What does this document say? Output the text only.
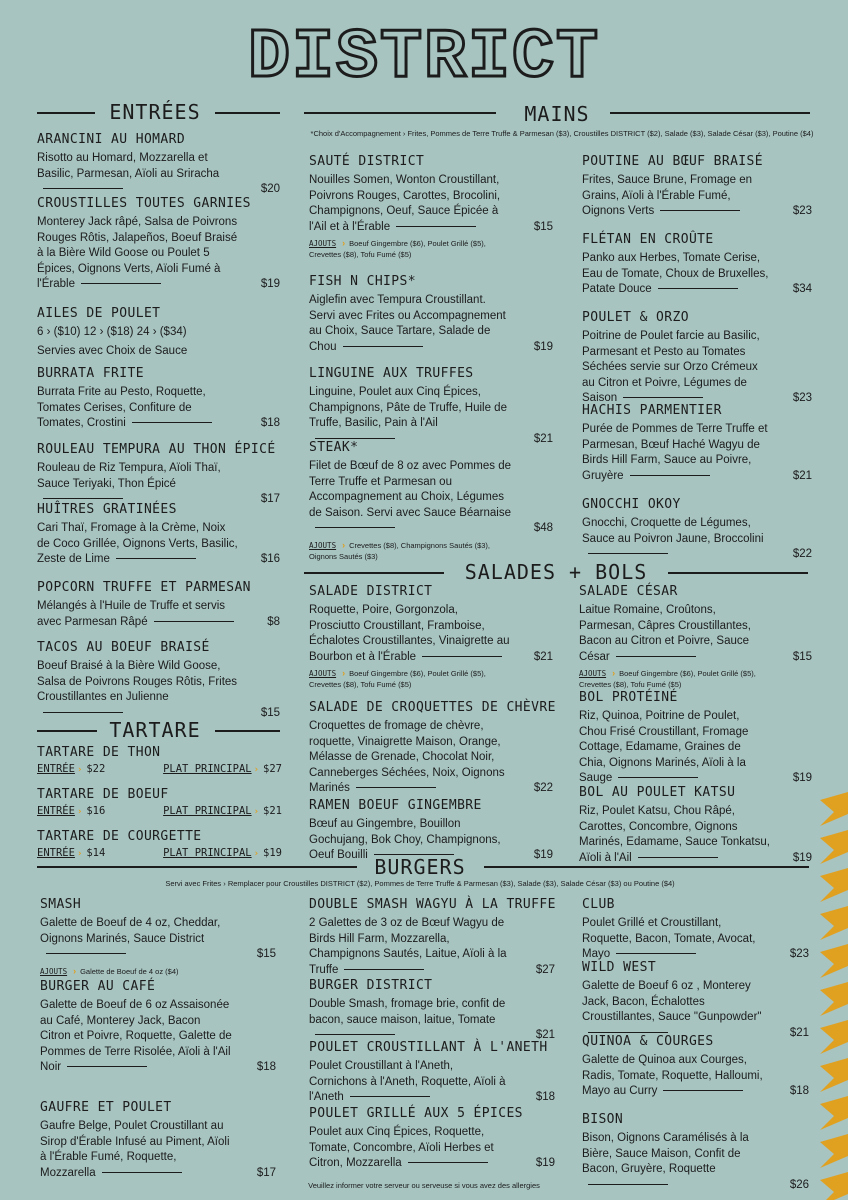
DISTRICT
ENTRÉES	MAINS
*Choix d'Accompagnement › Frites, Pommes de Terre Truffe & Parmesan ($3), Croustilles DISTRICT ($2), Salade ($3), Salade César ($3), Poutine ($4)
TARTARE
SALADES + BOLS
BURGERS
Servi avec Frites › Remplacer pour Croustilles DISTRICT ($2), Pommes de Terre Truffe & Parmesan ($3), Salade ($3), Salade César ($3) ou Poutine ($4)
Veuillez informer votre serveur ou serveuse si vous avez des allergies
ARANCINI AU HOMARD
Risotto au Homard, Mozzarella et Basilic, Parmesan, Aïoli au Sriracha
$20
CROUSTILLES TOUTES GARNIES
Monterey Jack râpé, Salsa de Poivrons Rouges Rôtis, Jalapeños, Boeuf Braisé à la Bière Wild Goose ou Poulet 5 Épices, Oignons Verts, Aïoli Fumé à l'Érable	$19
AILES DE POULET
6 › ($10) 12 › ($18) 24 › ($34)
Servies avec Choix de Sauce
BURRATA FRITE
Burrata Frite au Pesto, Roquette, Tomates Cerises, Confiture de Tomates, Crostini	$18
ROULEAU TEMPURA AU THON ÉPICÉ
Rouleau de Riz Tempura, Aïoli Thaï, Sauce Teriyaki, Thon Épicé
$17
HUÎTRES GRATINÉES
Cari Thaï, Fromage à la Crème, Noix de Coco Grillée, Oignons Verts, Basilic, Zeste de Lime	$16
POPCORN TRUFFE ET PARMESAN
Mélangés à l'Huile de Truffe et servis avec Parmesan Râpé	$8
TACOS AU BOEUF BRAISÉ
Boeuf Braisé à la Bière Wild Goose, Salsa de Poivrons Rouges Rôtis, Frites Croustillantes en Julienne
$15
SAUTÉ DISTRICT
Nouilles Somen, Wonton Croustillant, Poivrons Rouges, Carottes, Brocolini, Champignons, Oeuf, Sauce Épicée à l'Ail et à l'Érable	$15
AJOUTS › Boeuf Gingembre ($6), Poulet Grillé ($5), Crevettes ($8), Tofu Fumé ($5)
FISH N CHIPS*
Aiglefin avec Tempura Croustillant. Servi avec Frites ou Accompagnement au Choix, Sauce Tartare, Salade de Chou	$19
LINGUINE AUX TRUFFES
Linguine, Poulet aux Cinq Épices, Champignons, Pâte de Truffe, Huile de Truffe, Basilic, Pain à l'Ail
$21
STEAK*
Filet de Bœuf de 8 oz avec Pommes de Terre Truffe et Parmesan ou Accompagnement au Choix, Légumes de Saison. Servi avec Sauce Béarnaise
$48
AJOUTS › Crevettes ($8), Champignons Sautés ($3), Oignons Sautés ($3)
POUTINE AU BŒUF BRAISÉ
Frites, Sauce Brune, Fromage en Grains, Aïoli à l'Érable Fumé, Oignons Verts	$23
FLÉTAN EN CROÛTE
Panko aux Herbes, Tomate Cerise, Eau de Tomate, Choux de Bruxelles, Patate Douce	$34
POULET & ORZO
Poitrine de Poulet farcie au Basilic, Parmesant et Pesto au Tomates Séchées servie sur Orzo Crémeux au Citron et Poivre, Légumes de Saison	$23
HACHIS PARMENTIER
Purée de Pommes de Terre Truffe et Parmesan, Bœuf Haché Wagyu de Birds Hill Farm, Sauce au Poivre, Gruyère	$21
GNOCCHI OKOY
Gnocchi, Croquette de Légumes, Sauce au Poivron Jaune, Broccolini
$22
SALADE DISTRICT
Roquette, Poire, Gorgonzola, Prosciutto Croustillant, Framboise, Échalotes Croustillantes, Vinaigrette au Bourbon et à l'Érable	$21
AJOUTS › Boeuf Gingembre ($6), Poulet Grillé ($5), Crevettes ($8), Tofu Fumé ($5)
SALADE DE CROQUETTES DE CHÈVRE
Croquettes de fromage de chèvre, roquette, Vinaigrette Maison, Orange, Mélasse de Grenade, Chocolat Noir, Canneberges Séchées, Noix, Oignons Marinés	$22
RAMEN BOEUF GINGEMBRE
Bœuf au Gingembre, Bouillon Gochujang, Bok Choy, Champignons, Oeuf Bouilli	$19
SALADE CÉSAR
Laitue Romaine, Croûtons, Parmesan, Câpres Croustillantes, Bacon au Citron et Poivre, Sauce César	$15
AJOUTS › Boeuf Gingembre ($6), Poulet Grillé ($5), Crevettes ($8), Tofu Fumé ($5)
BOL PROTÉINÉ
Riz, Quinoa, Poitrine de Poulet, Chou Frisé Croustillant, Fromage Cottage, Edamame, Graines de Chia, Oignons Marinés, Aïoli à la Sauge	$19
BOL AU POULET KATSU
Riz, Poulet Katsu, Chou Râpé, Carottes, Concombre, Oignons Marinés, Edamame, Sauce Tonkatsu, Aïoli à l'Ail	$19
SMASH
Galette de Boeuf de 4 oz, Cheddar, Oignons Marinés, Sauce District
$15
AJOUTS › Galette de Boeuf de 4 oz ($4)
BURGER AU CAFÉ
Galette de Boeuf de 6 oz Assaisonée au Café, Monterey Jack, Bacon Citron et Poivre, Roquette, Galette de Pommes de Terre Risolée, Aïoli à l'Ail Noir	$18
GAUFRE ET POULET
Gaufre Belge, Poulet Croustillant au Sirop d'Érable Infusé au Piment, Aïoli à l'Érable Fumé, Roquette, Mozzarella	$17
DOUBLE SMASH WAGYU À LA TRUFFE
2 Galettes de 3 oz de Bœuf Wagyu de Birds Hill Farm, Mozzarella, Champignons Sautés, Laitue, Aïoli à la Truffe	$27
BURGER DISTRICT
Double Smash, fromage brie, confit de bacon, sauce maison, laitue, Tomate
$21
POULET CROUSTILLANT À L'ANETH
Poulet Croustillant à l'Aneth, Cornichons à l'Aneth, Roquette, Aïoli à l'Aneth	$18
POULET GRILLÉ AUX 5 ÉPICES
Poulet aux Cinq Épices, Roquette, Tomate, Concombre, Aïoli Herbes et Citron, Mozzarella	$19
CLUB
Poulet Grillé et Croustillant, Roquette, Bacon, Tomate, Avocat, Mayo	$23
WILD WEST
Galette de Boeuf 6 oz , Monterey Jack, Bacon, Échalottes Croustillantes, Sauce "Gunpowder"
$21
QUINOA & COURGES
Galette de Quinoa aux Courges, Radis, Tomate, Roquette, Halloumi, Mayo au Curry	$18
BISON
Bison, Oignons Caramélisés à la Bière, Sauce Maison, Confit de Bacon, Gruyère, Roquette
$26
TARTARE DE THON
ENTRÉE › $22	PLAT PRINCIPAL › $27
TARTARE DE BOEUF
ENTRÉE › $16	PLAT PRINCIPAL › $21
TARTARE DE COURGETTE
ENTRÉE › $14	PLAT PRINCIPAL › $19
